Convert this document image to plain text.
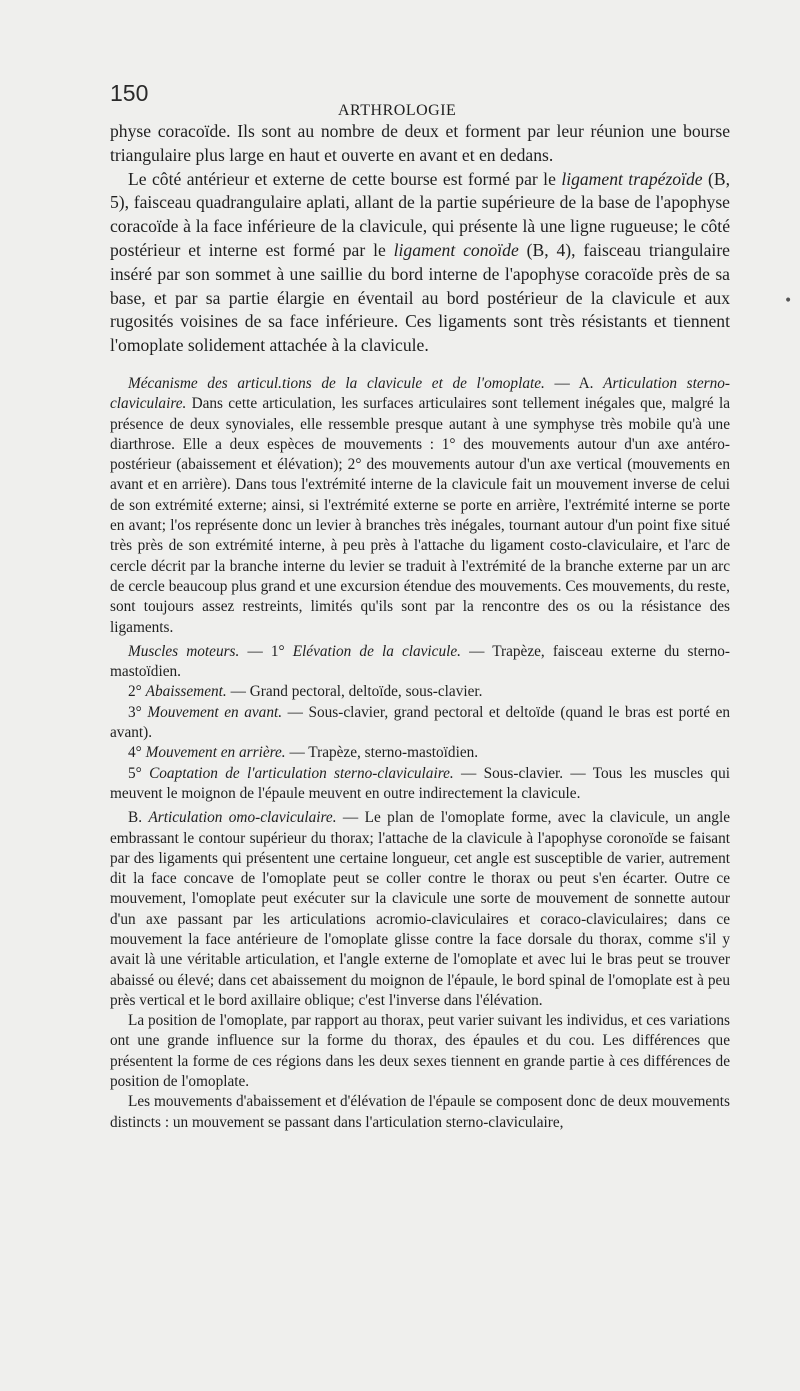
150
ARTHROLOGIE
•

physe coracoïde. Ils sont au nombre de deux et forment par leur réunion une bourse triangulaire plus large en haut et ouverte en avant et en dedans.

Le côté antérieur et externe de cette bourse est formé par le ligament trapézoïde (B, 5), faisceau quadrangulaire aplati, allant de la partie supérieure de la base de l'apophyse coracoïde à la face inférieure de la clavicule, qui présente là une ligne rugueuse; le côté postérieur et interne est formé par le ligament conoïde (B, 4), faisceau triangulaire inséré par son sommet à une saillie du bord interne de l'apophyse coracoïde près de sa base, et par sa partie élargie en éventail au bord postérieur de la clavicule et aux rugosités voisines de sa face inférieure. Ces ligaments sont très résistants et tiennent l'omoplate solidement attachée à la clavicule.

Mécanisme des articul.tions de la clavicule et de l'omoplate. — A. Articulation sterno-claviculaire. Dans cette articulation, les surfaces articulaires sont tellement inégales que, malgré la présence de deux synoviales, elle ressemble presque autant à une symphyse très mobile qu'à une diarthrose. Elle a deux espèces de mouvements : 1° des mouvements autour d'un axe antéro-postérieur (abaissement et élévation); 2° des mouvements autour d'un axe vertical (mouvements en avant et en arrière). Dans tous l'extrémité interne de la clavicule fait un mouvement inverse de celui de son extrémité externe; ainsi, si l'extrémité externe se porte en arrière, l'extrémité interne se porte en avant; l'os représente donc un levier à branches très inégales, tournant autour d'un point fixe situé très près de son extrémité interne, à peu près à l'attache du ligament costo-claviculaire, et l'arc de cercle décrit par la branche interne du levier se traduit à l'extrémité de la branche externe par un arc de cercle beaucoup plus grand et une excursion étendue des mouvements. Ces mouvements, du reste, sont toujours assez restreints, limités qu'ils sont par la rencontre des os ou la résistance des ligaments.

Muscles moteurs. — 1° Elévation de la clavicule. — Trapèze, faisceau externe du sterno-mastoïdien.

2° Abaissement. — Grand pectoral, deltoïde, sous-clavier.

3° Mouvement en avant. — Sous-clavier, grand pectoral et deltoïde (quand le bras est porté en avant).

4° Mouvement en arrière. — Trapèze, sterno-mastoïdien.

5° Coaptation de l'articulation sterno-claviculaire. — Sous-clavier. — Tous les muscles qui meuvent le moignon de l'épaule meuvent en outre indirectement la clavicule.

B. Articulation omo-claviculaire. — Le plan de l'omoplate forme, avec la clavicule, un angle embrassant le contour supérieur du thorax; l'attache de la clavicule à l'apophyse coronoïde se faisant par des ligaments qui présentent une certaine longueur, cet angle est susceptible de varier, autrement dit la face concave de l'omoplate peut se coller contre le thorax ou peut s'en écarter. Outre ce mouvement, l'omoplate peut exécuter sur la clavicule une sorte de mouvement de sonnette autour d'un axe passant par les articulations acromio-claviculaires et coraco-claviculaires; dans ce mouvement la face antérieure de l'omoplate glisse contre la face dorsale du thorax, comme s'il y avait là une véritable articulation, et l'angle externe de l'omoplate et avec lui le bras peut se trouver abaissé ou élevé; dans cet abaissement du moignon de l'épaule, le bord spinal de l'omoplate est à peu près vertical et le bord axillaire oblique; c'est l'inverse dans l'élévation.

La position de l'omoplate, par rapport au thorax, peut varier suivant les individus, et ces variations ont une grande influence sur la forme du thorax, des épaules et du cou. Les différences que présentent la forme de ces régions dans les deux sexes tiennent en grande partie à ces différences de position de l'omoplate.

Les mouvements d'abaissement et d'élévation de l'épaule se composent donc de deux mouvements distincts : un mouvement se passant dans l'articulation sterno-claviculaire,
